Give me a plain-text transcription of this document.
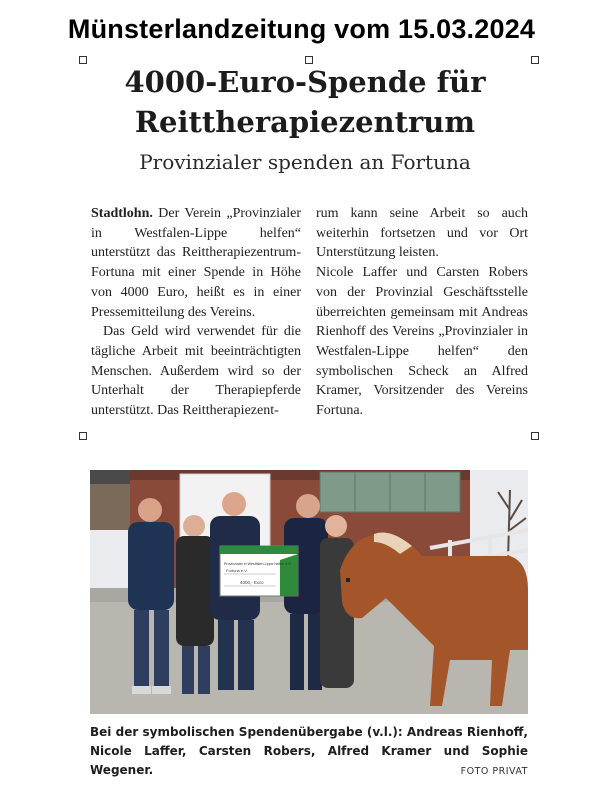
Münsterlandzeitung vom 15.03.2024
4000-Euro-Spende für
Reittherapiezentrum
Provinzialer spenden an Fortuna

Stadtlohn. Der Verein „Provinzialer in Westfalen-Lippe helfen“ unterstützt das Reittherapiezentrum-Fortuna mit einer Spende in Höhe von 4000 Euro, heißt es in einer Pressemitteilung des Vereins.

Das Geld wird verwendet für die tägliche Arbeit mit beeinträchtigten Menschen. Außerdem wird so der Unterhalt der Therapiepferde unterstützt. Das Reittherapiezent-

rum kann seine Arbeit so auch weiterhin fortsetzen und vor Ort Unterstützung leisten.

Nicole Laffer und Carsten Robers von der Provinzial Geschäftsstelle überreichten gemeinsam mit Andreas Rienhoff des Vereins „Provinzialer in Westfalen-Lippe helfen“ den symbolischen Scheck an Alfred Kramer, Vorsitzender des Vereins Fortuna.

Provinzialer in Westfalen-Lippe helfen e.V.
Fortuna e.V.
4000,- Euro
Bei der symbolischen Spendenübergabe (v.l.): Andreas Rienhoff, Nicole Laffer, Carsten Robers, Alfred Kramer und Sophie Wegener.	FOTO PRIVAT
